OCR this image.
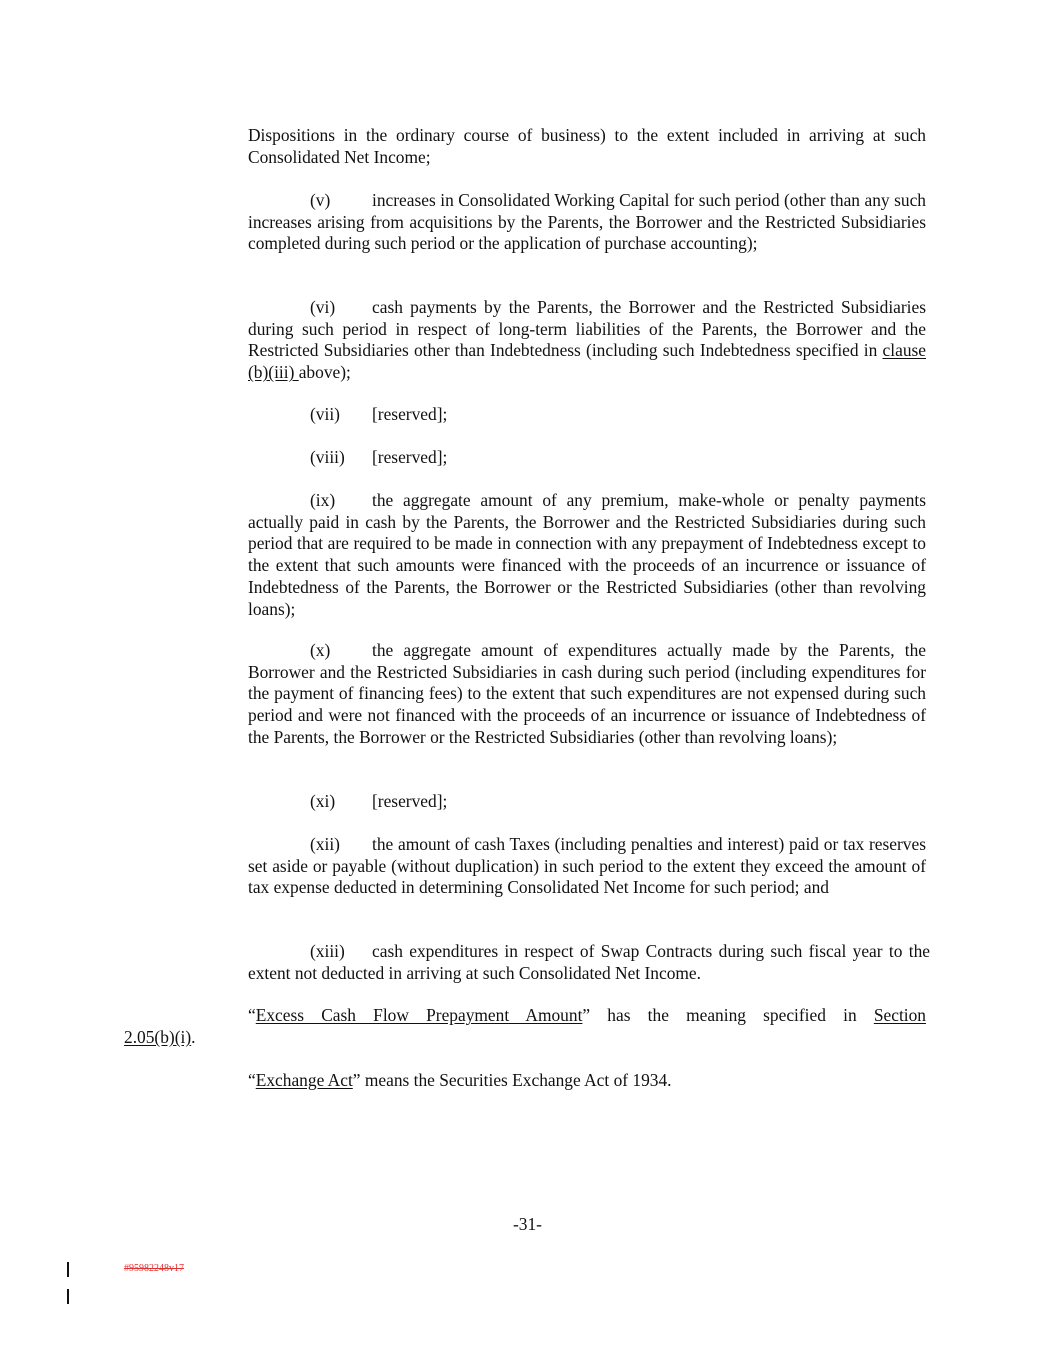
Dispositions in the ordinary course of business) to the extent included in arriving at such Consolidated Net Income;

(v) increases in Consolidated Working Capital for such period (other than any such increases arising from acquisitions by the Parents, the Borrower and the Restricted Subsidiaries completed during such period or the application of purchase accounting);

(vi) cash payments by the Parents, the Borrower and the Restricted Subsidiaries during such period in respect of long-term liabilities of the Parents, the Borrower and the Restricted Subsidiaries other than Indebtedness (including such Indebtedness specified in clause (b)(iii) above);

(vii) [reserved];

(viii) [reserved];

(ix) the aggregate amount of any premium, make-whole or penalty payments actually paid in cash by the Parents, the Borrower and the Restricted Subsidiaries during such period that are required to be made in connection with any prepayment of Indebtedness except to the extent that such amounts were financed with the proceeds of an incurrence or issuance of Indebtedness of the Parents, the Borrower or the Restricted Subsidiaries (other than revolving loans);

(x) the aggregate amount of expenditures actually made by the Parents, the Borrower and the Restricted Subsidiaries in cash during such period (including expenditures for the payment of financing fees) to the extent that such expenditures are not expensed during such period and were not financed with the proceeds of an incurrence or issuance of Indebtedness of the Parents, the Borrower or the Restricted Subsidiaries (other than revolving loans);

(xi) [reserved];

(xii) the amount of cash Taxes (including penalties and interest) paid or tax reserves set aside or payable (without duplication) in such period to the extent they exceed the amount of tax expense deducted in determining Consolidated Net Income for such period; and

(xiii) cash expenditures in respect of Swap Contracts during such fiscal year to the extent not deducted in arriving at such Consolidated Net Income.

“Excess Cash Flow Prepayment Amount” has the meaning specified in Section

2.05(b)(i).

“Exchange Act” means the Securities Exchange Act of 1934.

-31-

#95982248v17
